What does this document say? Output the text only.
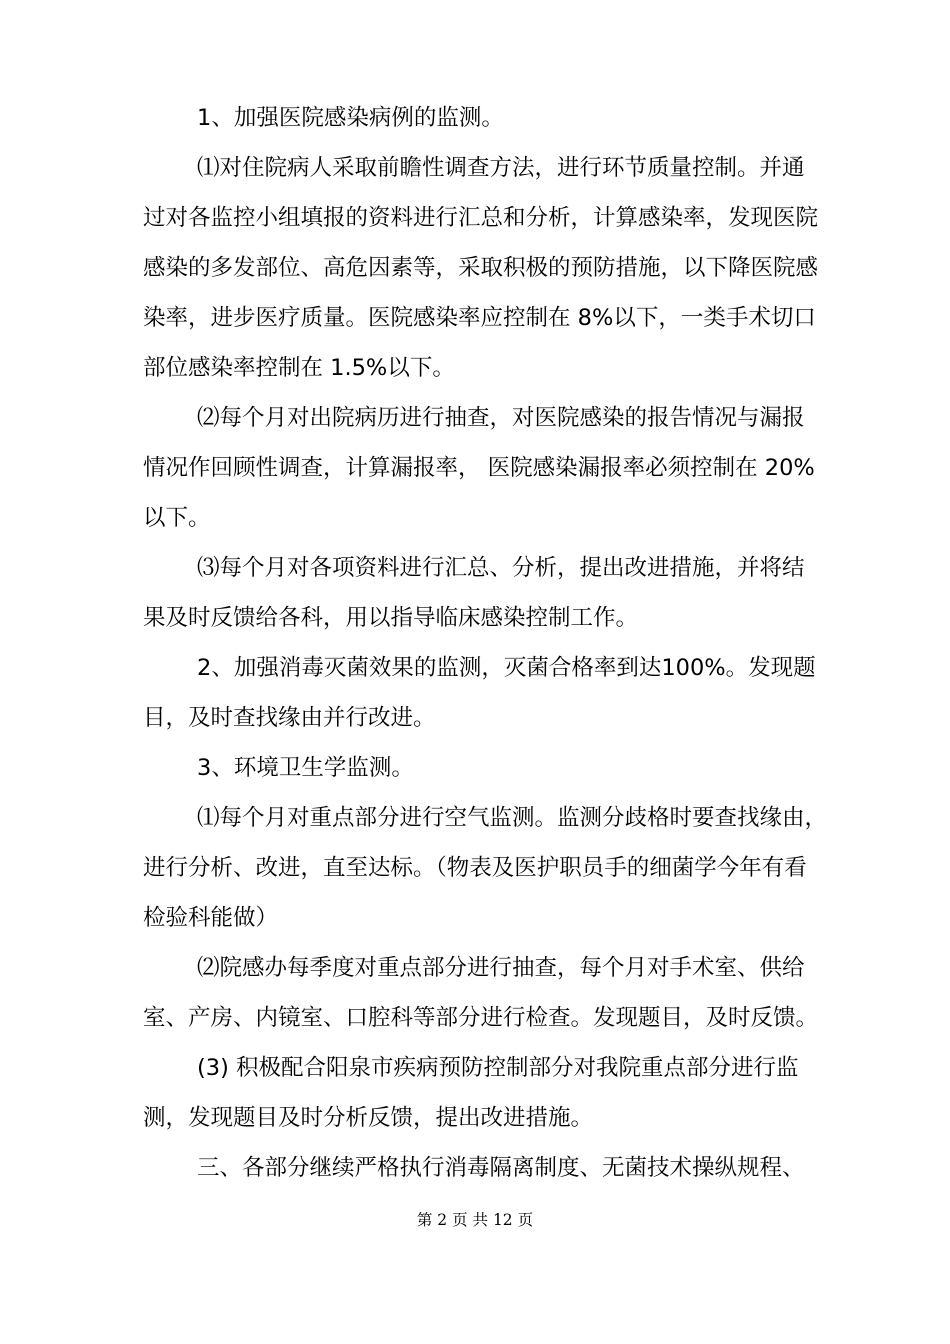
1、加强医院感染病例的监测。
⑴对住院病人采取前瞻性调查方法，进行环节质量控制。并通
过对各监控小组填报的资料进行汇总和分析，计算感染率，发现医院
感染的多发部位、高危因素等，采取积极的预防措施，以下降医院感
染率，进步医疗质量。医院感染率应控制在 8%以下，一类手术切口
部位感染率控制在 1.5%以下。
⑵每个月对出院病历进行抽查，对医院感染的报告情况与漏报
情况作回顾性调查，计算漏报率， 医院感染漏报率必须控制在 20%
以下。
⑶每个月对各项资料进行汇总、分析，提出改进措施，并将结
果及时反馈给各科，用以指导临床感染控制工作。
2、加强消毒灭菌效果的监测，灭菌合格率到达100%。发现题
目，及时查找缘由并行改进。
3、环境卫生学监测。
⑴每个月对重点部分进行空气监测。监测分歧格时要查找缘由，
进行分析、改进，直至达标。（物表及医护职员手的细菌学今年有看
检验科能做）
⑵院感办每季度对重点部分进行抽查，每个月对手术室、供给
室、产房、内镜室、口腔科等部分进行检查。发现题目，及时反馈。
(3) 积极配合阳泉市疾病预防控制部分对我院重点部分进行监
测，发现题目及时分析反馈，提出改进措施。
三、各部分继续严格执行消毒隔离制度、无菌技术操纵规程、
第 2 页 共 12 页
